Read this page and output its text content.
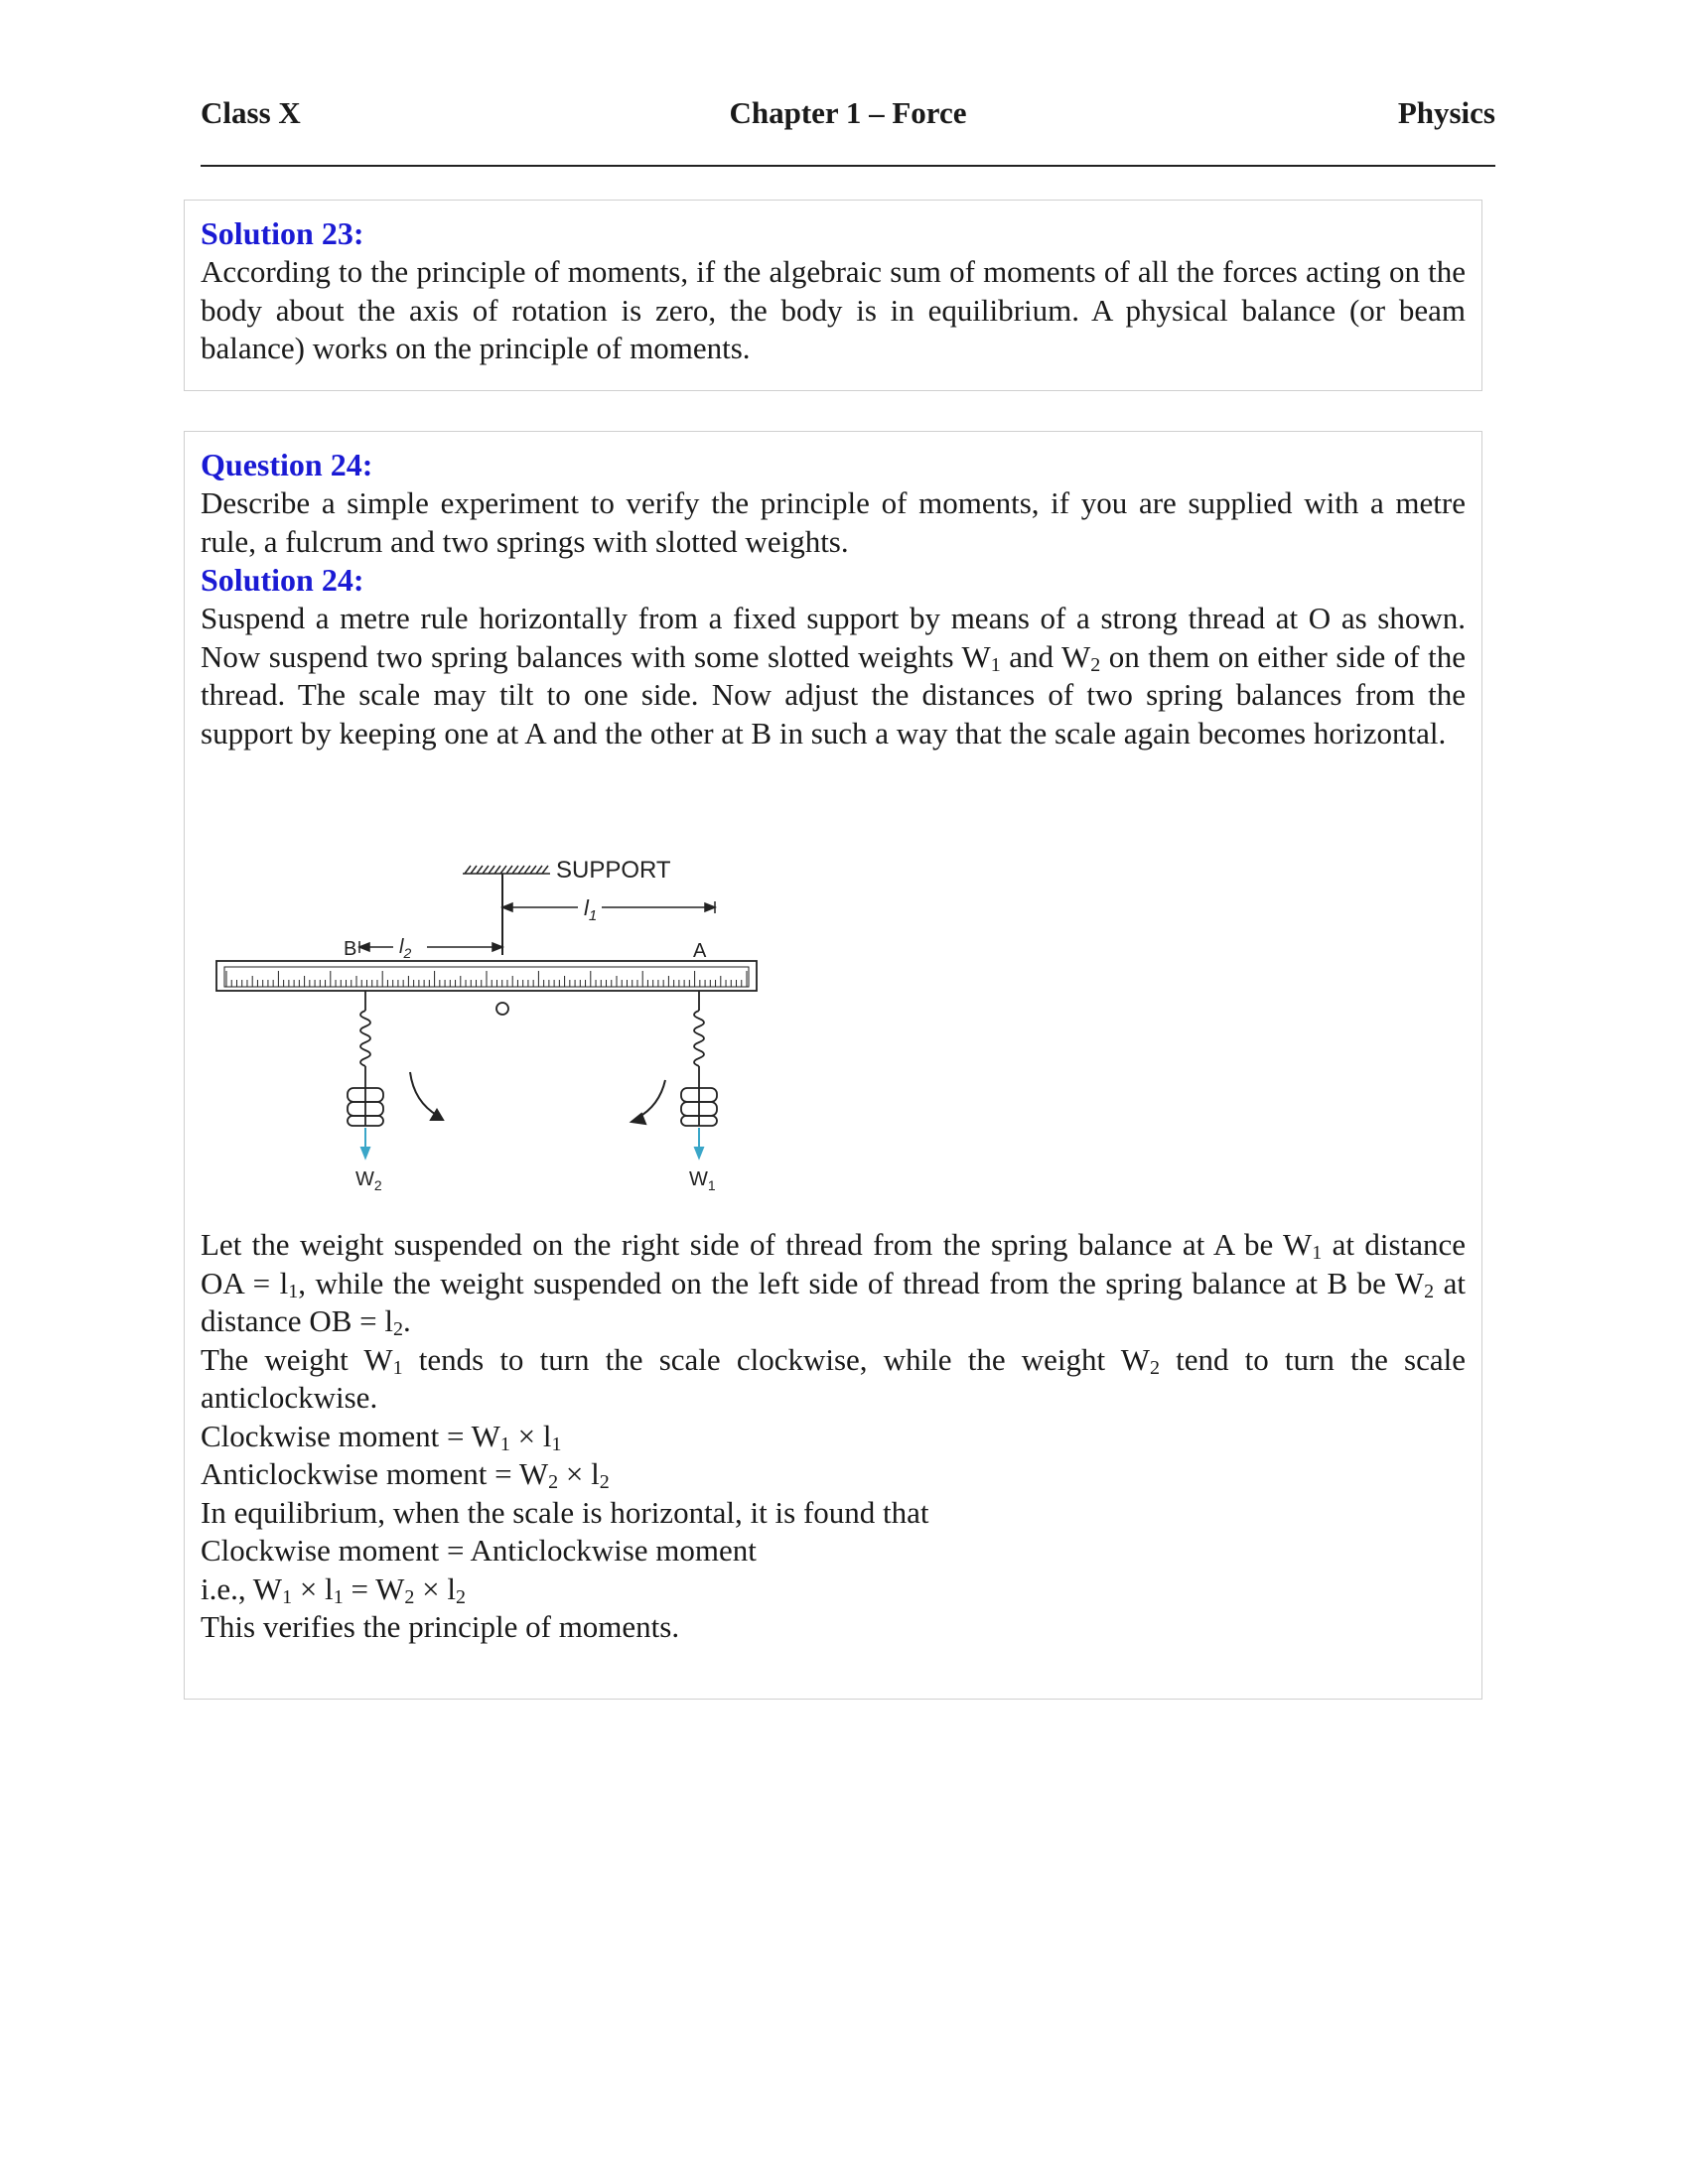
Chapter 1 – Force
Class X	Physics
Solution 23:
According to the principle of moments, if the algebraic sum of moments of all the forces acting on the body about the axis of rotation is zero, the body is in equilibrium. A physical balance (or beam balance) works on the principle of moments.
Question 24:
Describe a simple experiment to verify the principle of moments, if you are supplied with a metre rule, a fulcrum and two springs with slotted weights.
Solution 24:
Suspend a metre rule horizontally from a fixed support by means of a strong thread at O as shown. Now suspend two spring balances with some slotted weights $W_1$ and $W_2$ on them on either side of the thread. The scale may tilt to one side. Now adjust the distances of two spring balances from the support by keeping one at A and the other at B in such a way that the scale again becomes horizontal.
SUPPORT
$l_1$
B $l_2$	A
$W_2$	$W_1$
Let the weight suspended on the right side of thread from the spring balance at A be $W_1$ at distance OA = $l_1$, while the weight suspended on the left side of thread from the spring balance at B be $W_2$ at distance OB = $l_2$.
The weight $W_1$ tends to turn the scale clockwise, while the weight $W_2$ tend to turn the scale anticlockwise.
Clockwise moment = $W_1 \times l_1$
Anticlockwise moment = $W_2 \times l_2$
In equilibrium, when the scale is horizontal, it is found that
Clockwise moment = Anticlockwise moment
i.e., $W_1 \times l_1 = W_2 \times l_2$
This verifies the principle of moments.
